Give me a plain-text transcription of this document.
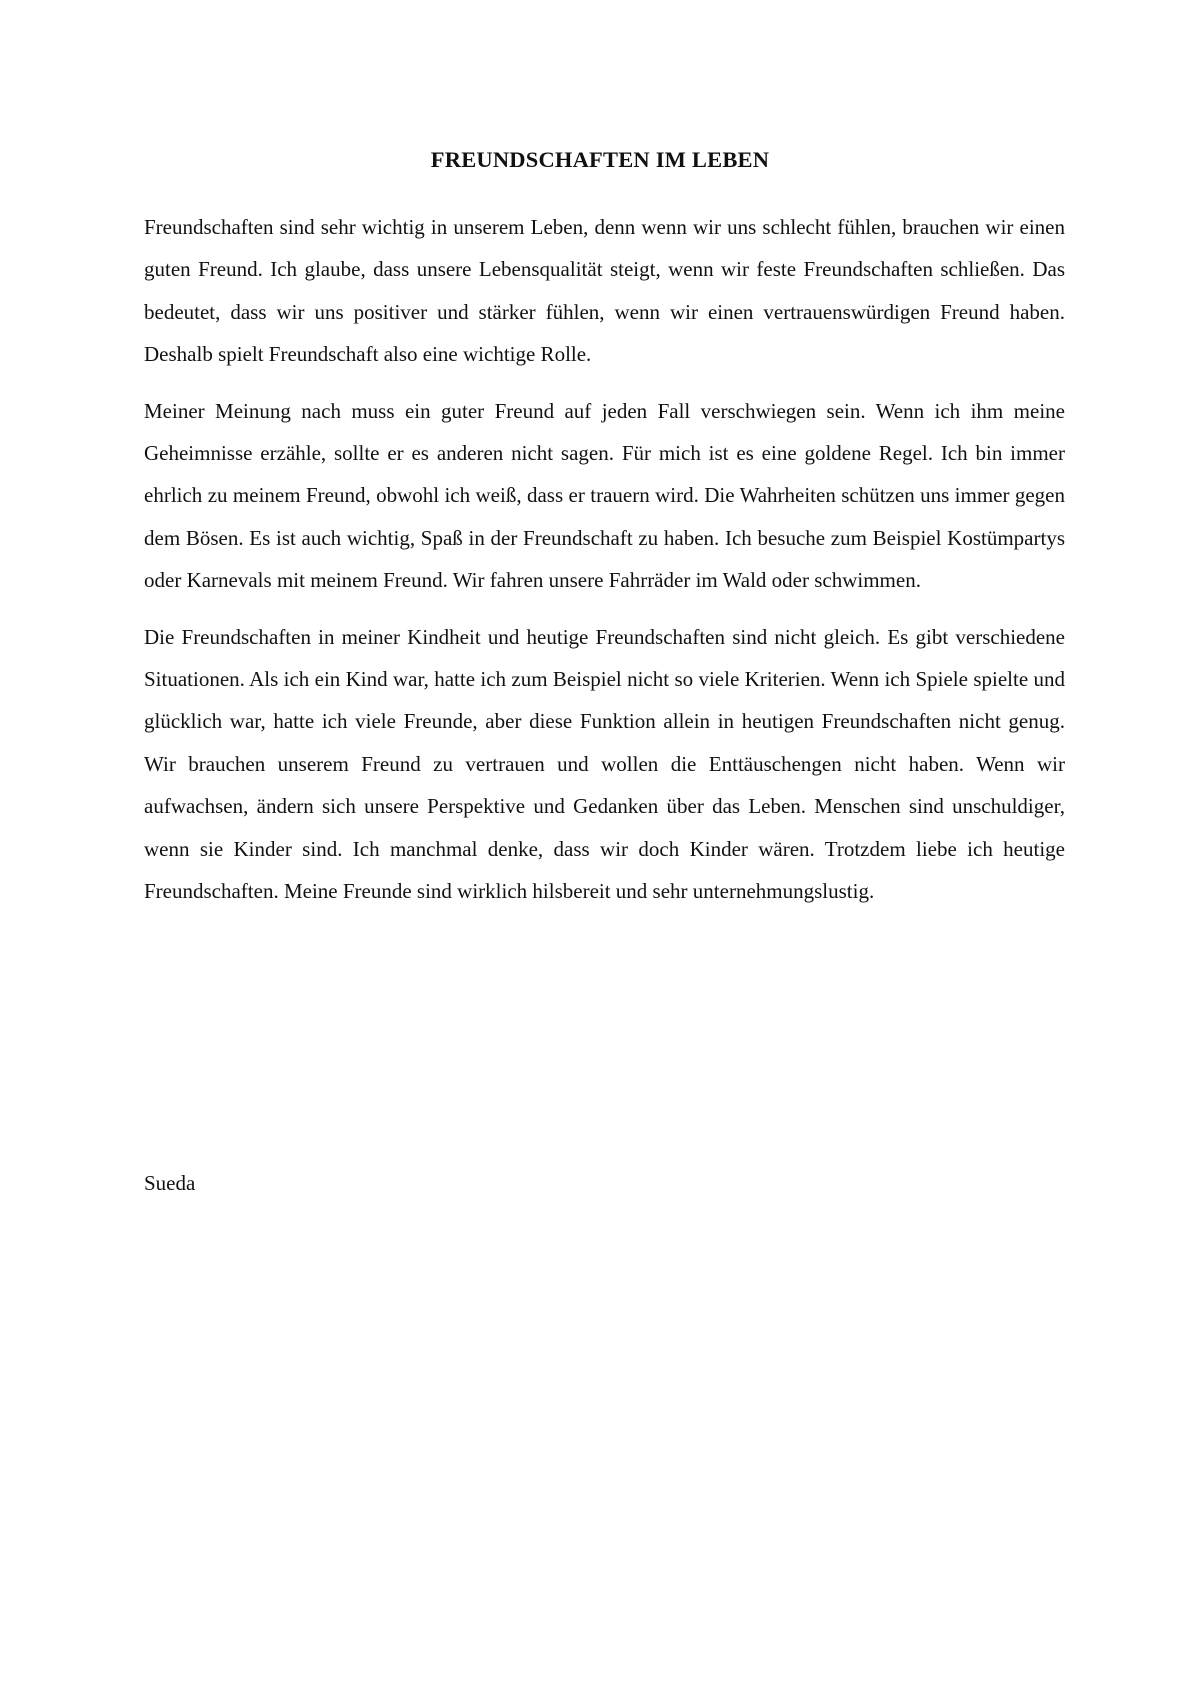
FREUNDSCHAFTEN IM LEBEN

Freundschaften sind sehr wichtig in unserem Leben, denn wenn wir uns schlecht fühlen, brauchen wir einen guten Freund. Ich glaube, dass unsere Lebensqualität steigt, wenn wir feste Freundschaften schließen. Das bedeutet, dass wir uns positiver und stärker fühlen, wenn wir einen vertrauenswürdigen Freund haben. Deshalb spielt Freundschaft also eine wichtige Rolle.

Meiner Meinung nach muss ein guter Freund auf jeden Fall verschwiegen sein. Wenn ich ihm meine Geheimnisse erzähle, sollte er es anderen nicht sagen. Für mich ist es eine goldene Regel. Ich bin immer ehrlich zu meinem Freund, obwohl ich weiß, dass er trauern wird. Die Wahrheiten schützen uns immer gegen dem Bösen. Es ist auch wichtig, Spaß in der Freundschaft zu haben. Ich besuche zum Beispiel Kostümpartys oder Karnevals mit meinem Freund. Wir fahren unsere Fahrräder im Wald oder schwimmen.

Die Freundschaften in meiner Kindheit und heutige Freundschaften sind nicht gleich. Es gibt verschiedene Situationen. Als ich ein Kind war, hatte ich zum Beispiel nicht so viele Kriterien. Wenn ich Spiele spielte und glücklich war, hatte ich viele Freunde, aber diese Funktion allein in heutigen Freundschaften nicht genug. Wir brauchen unserem Freund zu vertrauen und wollen die Enttäuschengen nicht haben. Wenn wir aufwachsen, ändern sich unsere Perspektive und Gedanken über das Leben. Menschen sind unschuldiger, wenn sie Kinder sind. Ich manchmal denke, dass wir doch Kinder wären. Trotzdem liebe ich heutige Freundschaften. Meine Freunde sind wirklich hilsbereit und sehr unternehmungslustig.

Sueda
